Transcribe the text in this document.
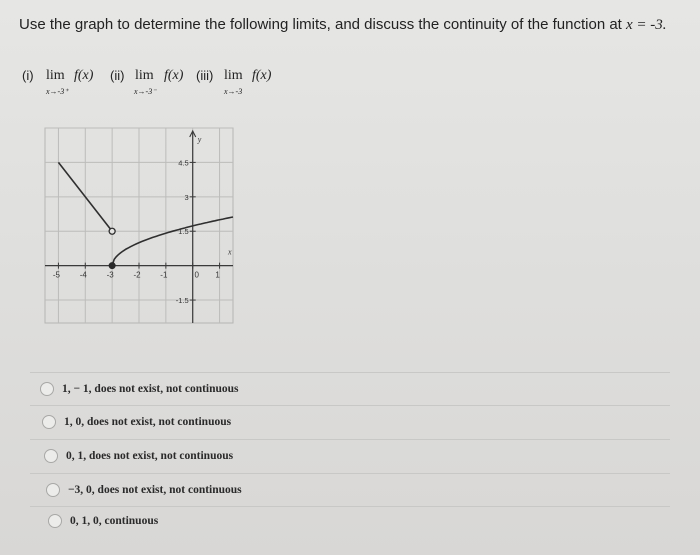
Use the graph to determine the following limits, and discuss the continuity of the function at x = -3.
(i) lim f(x)
x→-3⁺
(ii) lim f(x)
x→-3⁻
(iii) lim f(x)
x→-3
y
x
-5 -4 -3 -2 -1	0 1
4.5
3
1.5
-1.5
1, − 1, does not exist, not continuous
1, 0, does not exist, not continuous
0, 1, does not exist, not continuous
−3, 0, does not exist, not continuous
0, 1, 0, continuous
